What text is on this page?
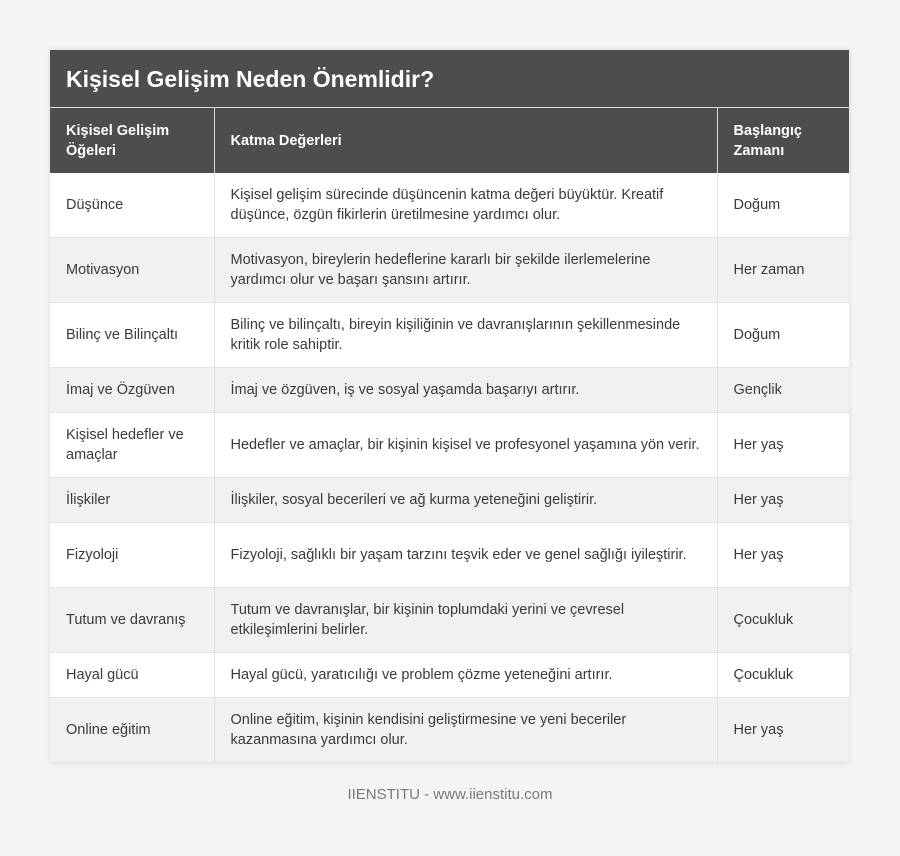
Kişisel Gelişim Neden Önemlidir?
Kişisel Gelişim Öğeleri	Katma Değerleri	Başlangıç Zamanı
Düşünce	Kişisel gelişim sürecinde düşüncenin katma değeri büyüktür. Kreatif düşünce, özgün fikirlerin üretilmesine yardımcı olur.	Doğum
Motivasyon	Motivasyon, bireylerin hedeflerine kararlı bir şekilde ilerlemelerine yardımcı olur ve başarı şansını artırır.	Her zaman
Bilinç ve Bilinçaltı	Bilinç ve bilinçaltı, bireyin kişiliğinin ve davranışlarının şekillenmesinde kritik role sahiptir.	Doğum
İmaj ve Özgüven	İmaj ve özgüven, iş ve sosyal yaşamda başarıyı artırır.	Gençlik
Kişisel hedefler ve amaçlar	Hedefler ve amaçlar, bir kişinin kişisel ve profesyonel yaşamına yön verir.	Her yaş
İlişkiler	İlişkiler, sosyal becerileri ve ağ kurma yeteneğini geliştirir.	Her yaş
Fizyoloji	Fizyoloji, sağlıklı bir yaşam tarzını teşvik eder ve genel sağlığı iyileştirir.	Her yaş
Tutum ve davranış	Tutum ve davranışlar, bir kişinin toplumdaki yerini ve çevresel etkileşimlerini belirler.	Çocukluk
Hayal gücü	Hayal gücü, yaratıcılığı ve problem çözme yeteneğini artırır.	Çocukluk
Online eğitim	Online eğitim, kişinin kendisini geliştirmesine ve yeni beceriler kazanmasına yardımcı olur.	Her yaş
IIENSTITU - www.iienstitu.com
